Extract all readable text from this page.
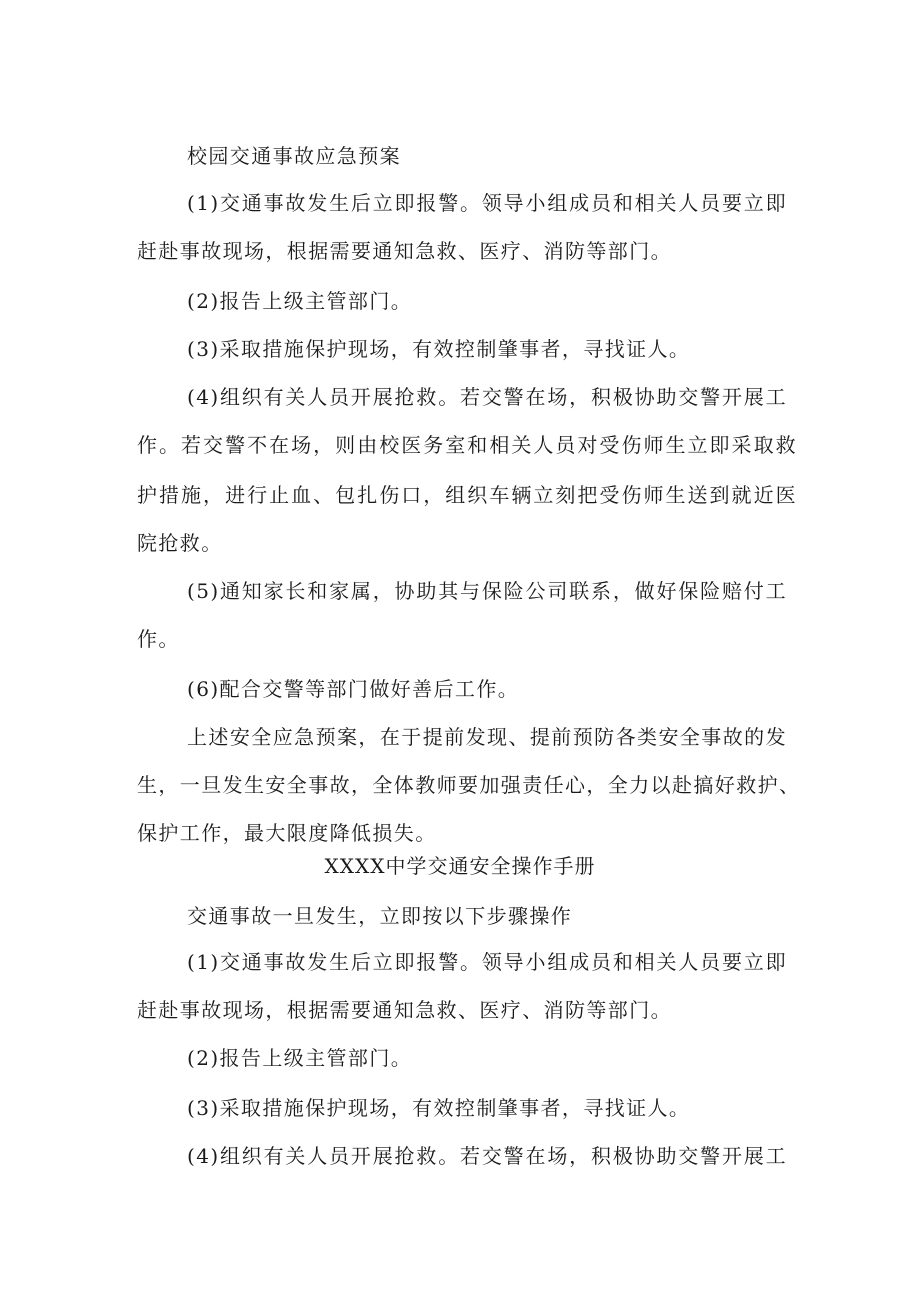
校园交通事故应急预案
(1)交通事故发生后立即报警。领导小组成员和相关人员要立即
赶赴事故现场，根据需要通知急救、医疗、消防等部门。
(2)报告上级主管部门。
(3)采取措施保护现场，有效控制肇事者，寻找证人。
(4)组织有关人员开展抢救。若交警在场，积极协助交警开展工
作。若交警不在场，则由校医务室和相关人员对受伤师生立即采取救
护措施，进行止血、包扎伤口，组织车辆立刻把受伤师生送到就近医
院抢救。
(5)通知家长和家属，协助其与保险公司联系，做好保险赔付工
作。
(6)配合交警等部门做好善后工作。
上述安全应急预案，在于提前发现、提前预防各类安全事故的发
生，一旦发生安全事故，全体教师要加强责任心，全力以赴搞好救护、
保护工作，最大限度降低损失。
XXXX中学交通安全操作手册
交通事故一旦发生，立即按以下步骤操作
(1)交通事故发生后立即报警。领导小组成员和相关人员要立即
赶赴事故现场，根据需要通知急救、医疗、消防等部门。
(2)报告上级主管部门。
(3)采取措施保护现场，有效控制肇事者，寻找证人。
(4)组织有关人员开展抢救。若交警在场，积极协助交警开展工
